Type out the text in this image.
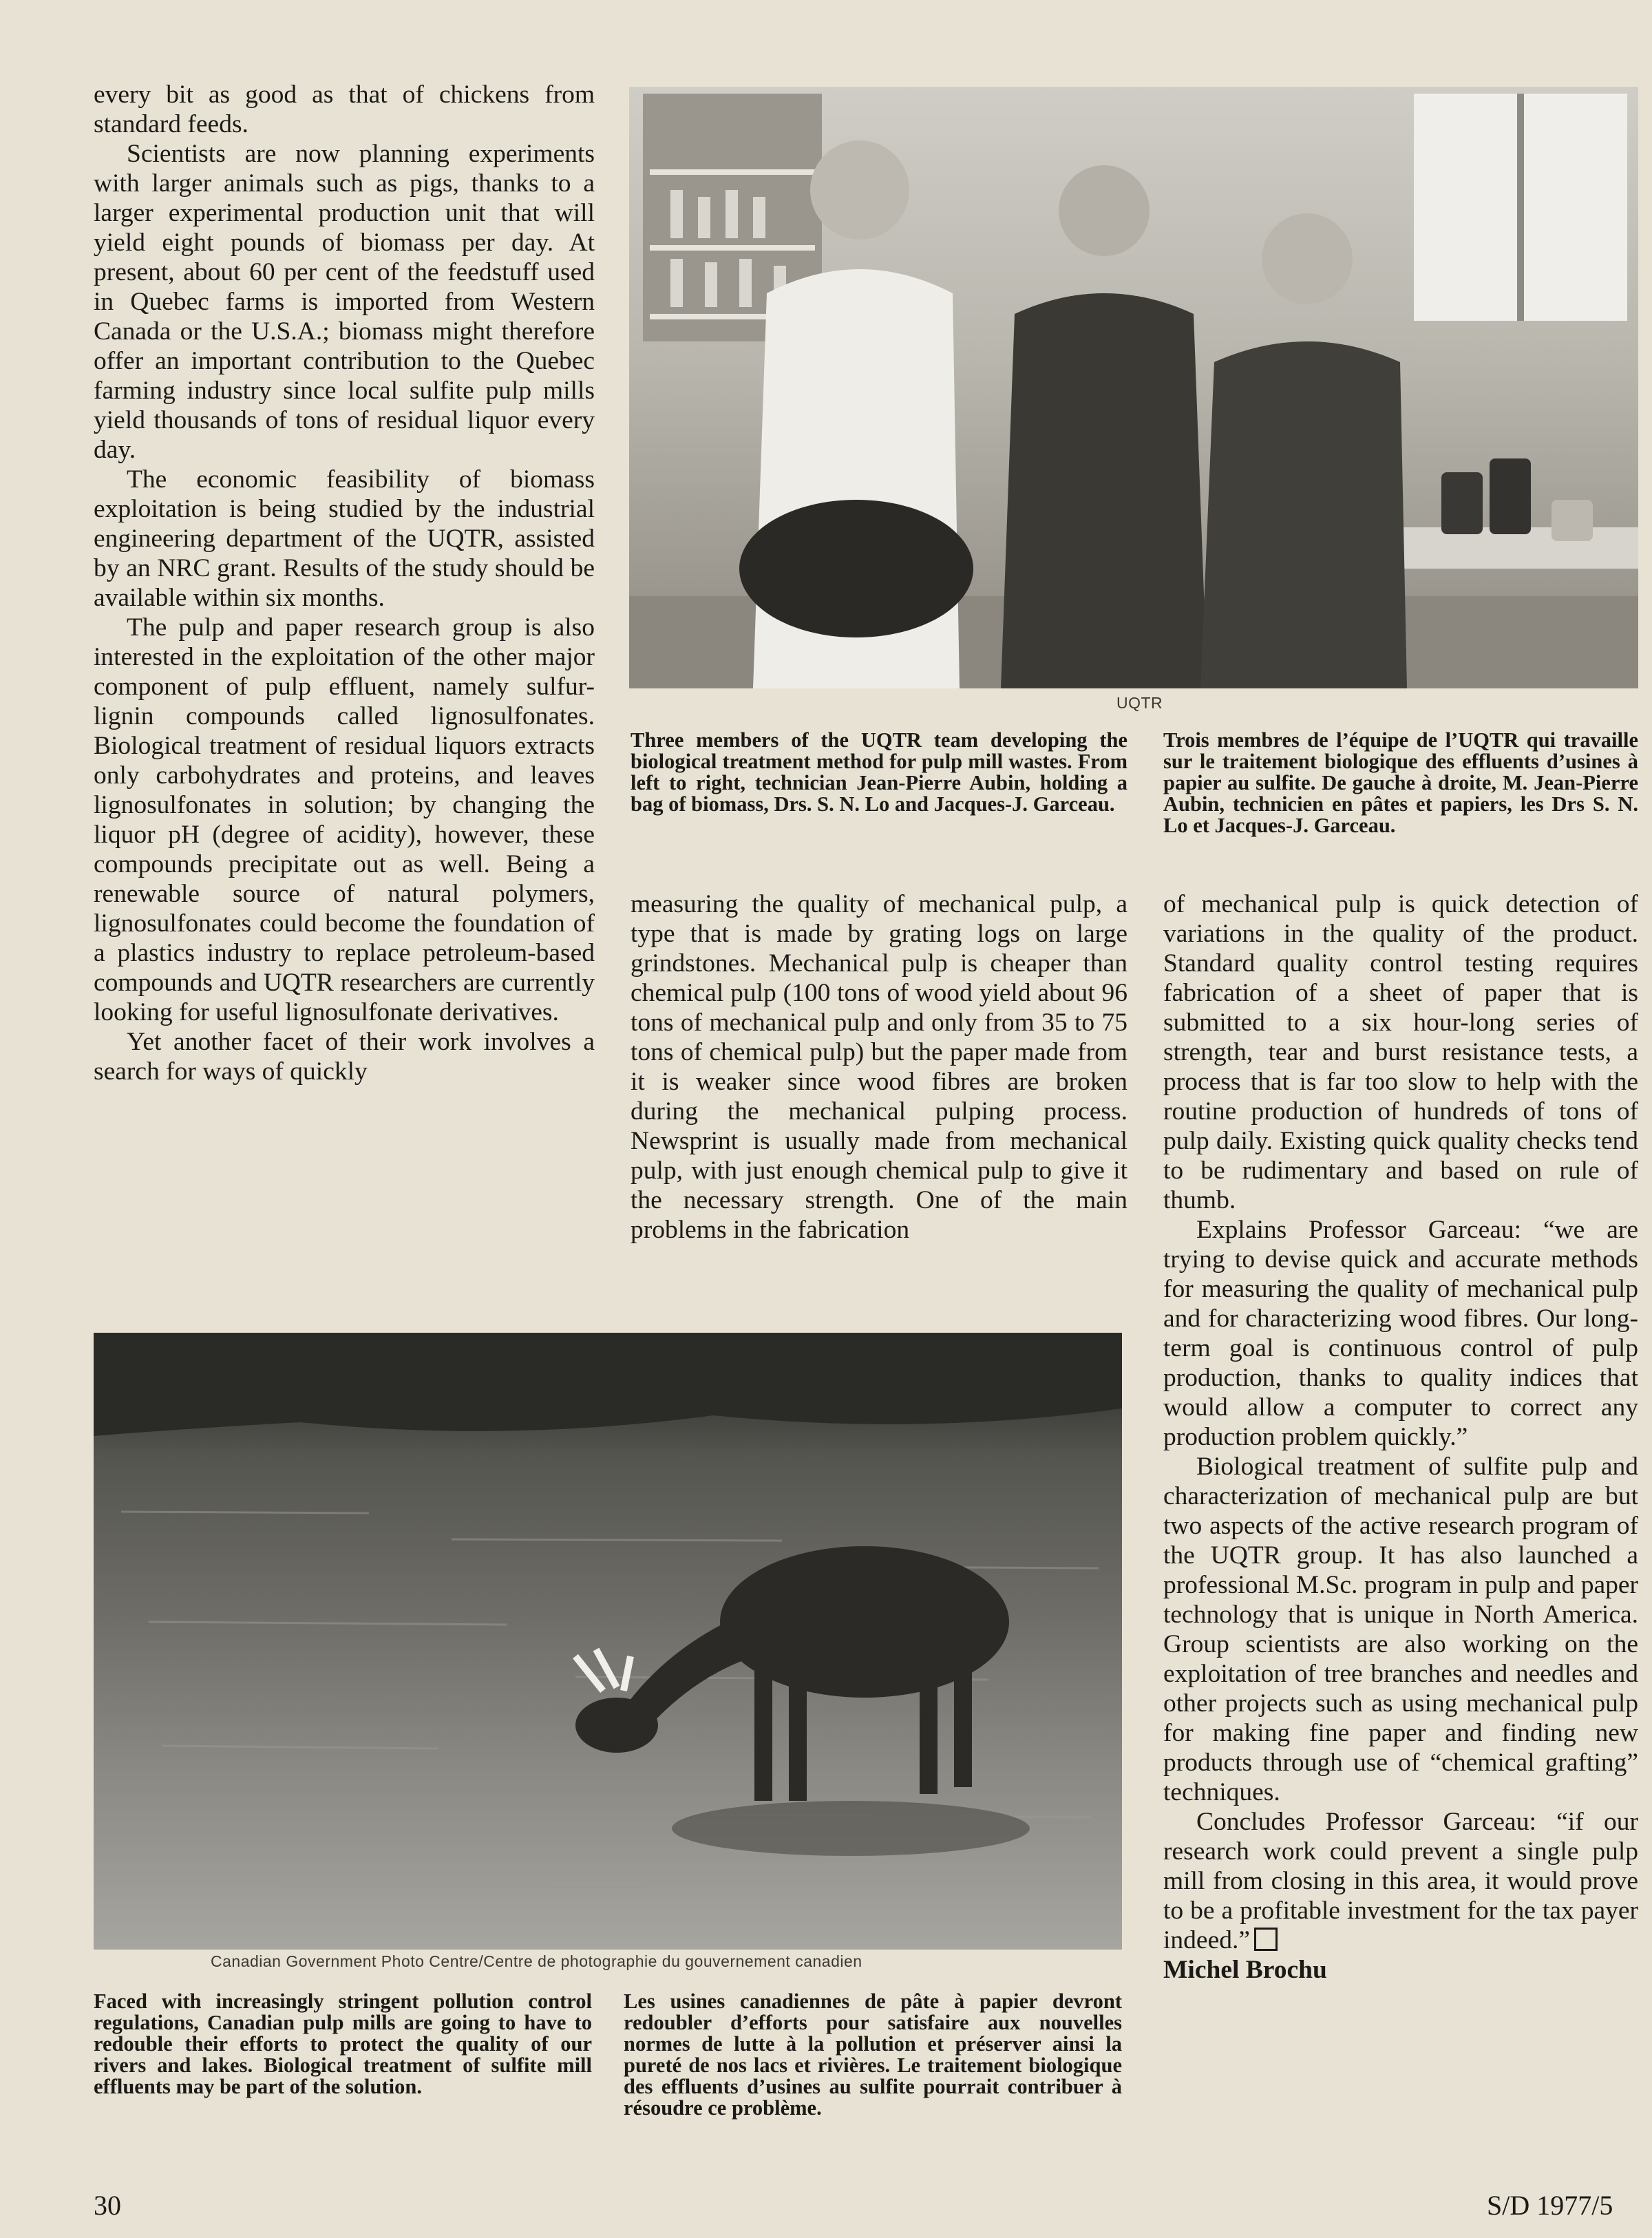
every bit as good as that of chickens from standard feeds.

Scientists are now planning experiments with larger animals such as pigs, thanks to a larger experimental production unit that will yield eight pounds of biomass per day. At present, about 60 per cent of the feedstuff used in Quebec farms is imported from Western Canada or the U.S.A.; biomass might therefore offer an important contribution to the Quebec farming industry since local sulfite pulp mills yield thousands of tons of residual liquor every day.

The economic feasibility of biomass exploitation is being studied by the industrial engineering department of the UQTR, assisted by an NRC grant. Results of the study should be available within six months.

The pulp and paper research group is also interested in the exploitation of the other major component of pulp effluent, namely sulfur-lignin compounds called lignosulfonates. Biological treatment of residual liquors extracts only carbohydrates and proteins, and leaves lignosulfonates in solution; by changing the liquor pH (degree of acidity), however, these compounds precipitate out as well. Being a renewable source of natural polymers, lignosulfonates could become the foundation of a plastics industry to replace petroleum-based compounds and UQTR researchers are currently looking for useful lignosulfonate derivatives.

Yet another facet of their work involves a search for ways of quickly

UQTR
Three members of the UQTR team developing the biological treatment method for pulp mill wastes. From left to right, technician Jean-Pierre Aubin, holding a bag of biomass, Drs. S. N. Lo and Jacques-J. Garceau.
Trois membres de l’équipe de l’UQTR qui travaille sur le traitement biologique des effluents d’usines à papier au sulfite. De gauche à droite, M. Jean-Pierre Aubin, technicien en pâtes et papiers, les Drs S. N. Lo et Jacques-J. Garceau.

measuring the quality of mechanical pulp, a type that is made by grating logs on large grindstones. Mechanical pulp is cheaper than chemical pulp (100 tons of wood yield about 96 tons of mechanical pulp and only from 35 to 75 tons of chemical pulp) but the paper made from it is weaker since wood fibres are broken during the mechanical pulping process. Newsprint is usually made from mechanical pulp, with just enough chemical pulp to give it the necessary strength. One of the main problems in the fabrication

of mechanical pulp is quick detection of variations in the quality of the product. Standard quality control testing requires fabrication of a sheet of paper that is submitted to a six hour-long series of strength, tear and burst resistance tests, a process that is far too slow to help with the routine production of hundreds of tons of pulp daily. Existing quick quality checks tend to be rudimentary and based on rule of thumb.

Explains Professor Garceau: “we are trying to devise quick and accurate methods for measuring the quality of mechanical pulp and for characterizing wood fibres. Our long-term goal is continuous control of pulp production, thanks to quality indices that would allow a computer to correct any production problem quickly.”

Biological treatment of sulfite pulp and characterization of mechanical pulp are but two aspects of the active research program of the UQTR group. It has also launched a professional M.Sc. program in pulp and paper technology that is unique in North America. Group scientists are also working on the exploitation of tree branches and needles and other projects such as using mechanical pulp for making fine paper and finding new products through use of “chemical grafting” techniques.

Concludes Professor Garceau: “if our research work could prevent a single pulp mill from closing in this area, it would prove to be a profitable investment for the tax payer indeed.”

Michel Brochu

Canadian Government Photo Centre/Centre de photographie du gouvernement canadien
Faced with increasingly stringent pollution control regulations, Canadian pulp mills are going to have to redouble their efforts to protect the quality of our rivers and lakes. Biological treatment of sulfite mill effluents may be part of the solution.
Les usines canadiennes de pâte à papier devront redoubler d’efforts pour satisfaire aux nouvelles normes de lutte à la pollution et préserver ainsi la pureté de nos lacs et rivières. Le traitement biologique des effluents d’usines au sulfite pourrait contribuer à résoudre ce problème.
30	S/D 1977/5
